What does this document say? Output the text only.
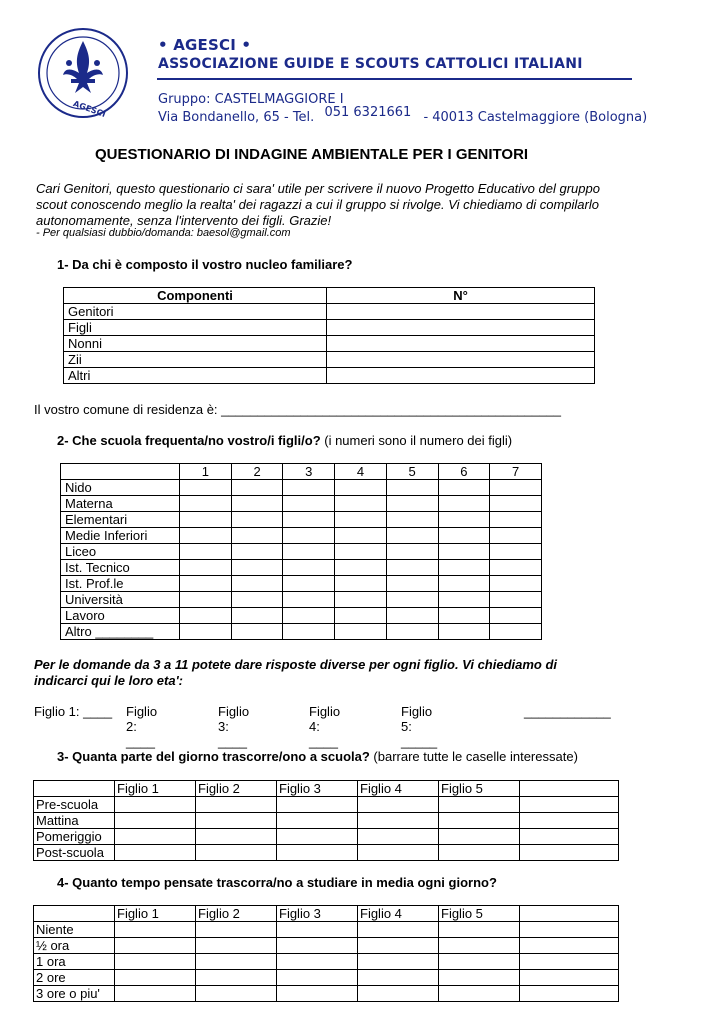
AGESCI
• AGESCI •
ASSOCIAZIONE GUIDE E SCOUTS CATTOLICI ITALIANI
Gruppo: CASTELMAGGIORE I
Via Bondanello, 65 - Tel. 051 6321661 - 40013 Castelmaggiore (Bologna)
QUESTIONARIO DI INDAGINE AMBIENTALE PER I GENITORI
Cari Genitori, questo questionario ci sara' utile per scrivere il nuovo Progetto Educativo del gruppo
scout conoscendo meglio la realta' dei ragazzi a cui il gruppo si rivolge. Vi chiediamo di compilarlo
autonomamente, senza l'intervento dei figli. Grazie!
- Per qualsiasi dubbio/domanda: baesol@gmail.com
1- Da chi è composto il vostro nucleo familiare?
Componenti	N°
Genitori	
Figli	
Nonni	
Zii	
Altri	
Il vostro comune di residenza è: _______________________________________________
2- Che scuola frequenta/no vostro/i figli/o? (i numeri sono il numero dei figli)
	1	2	3	4	5	6	7
Nido							
Materna							
Elementari							
Medie Inferiori							
Liceo							
Ist. Tecnico							
Ist. Prof.le							
Università							
Lavoro							
Altro ________							
Per le domande da 3 a 11 potete dare risposte diverse per ogni figlio. Vi chiediamo di
indicarci qui le loro eta':
Figlio 1: ____ Figlio 2: ____
Figlio 3: ____
Figlio 4: ____
Figlio 5: _____
____________
3- Quanta parte del giorno trascorre/ono a scuola? (barrare tutte le caselle interessate)
	Figlio 1	Figlio 2	Figlio 3	Figlio 4	Figlio 5	
Pre-scuola						
Mattina						
Pomeriggio						
Post-scuola						
4- Quanto tempo pensate trascorra/no a studiare in media ogni giorno?
	Figlio 1	Figlio 2	Figlio 3	Figlio 4	Figlio 5	
Niente						
½ ora						
1 ora						
2 ore						
3 ore o piu'						
